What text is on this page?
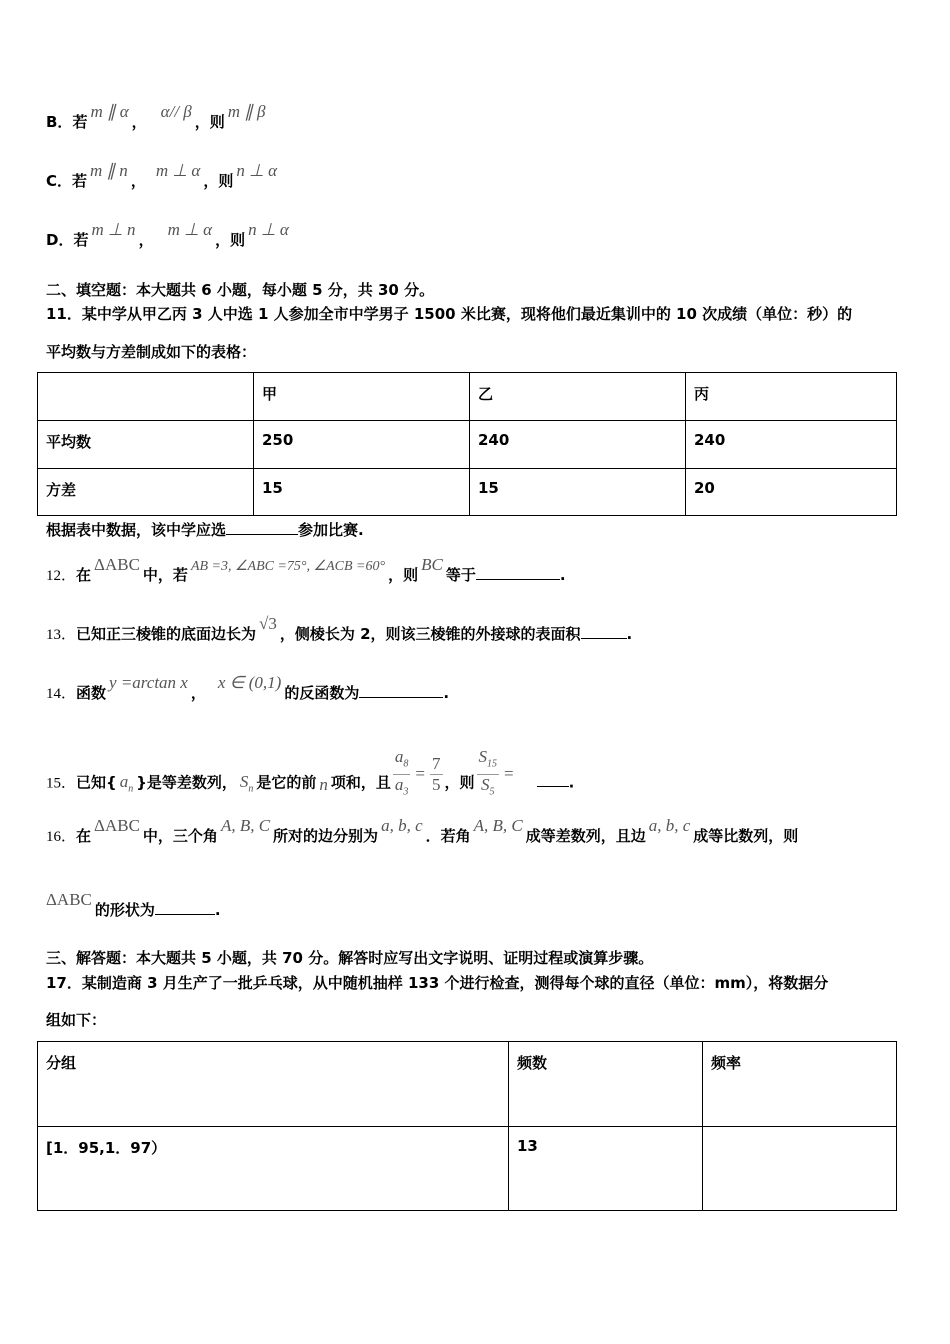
B．若m ∥ α，α// β，则m ∥ β
C．若m ∥ n，m ⊥ α，则n ⊥ α
D．若m ⊥ n，m ⊥ α，则n ⊥ α
二、填空题：本大题共 6 小题，每小题 5 分，共 30 分。
11．某中学从甲乙丙 3 人中选 1 人参加全市中学男子 1500 米比赛，现将他们最近集训中的 10 次成绩（单位：秒）的
平均数与方差制成如下的表格：
	甲	乙	丙
平均数	250	240	240
方差	15	15	20
根据表中数据，该中学应选	参加比赛.
12．在ΔABC中，若 AB =3, ∠ABC =75°, ∠ACB =60° ，则BC等于	.
13．已知正三棱锥的底面边长为√3，侧棱长为 2，则该三棱锥的外接球的表面积	.
14．函数y =arctan x，x ∈ (0,1)的反函数为	.
15．已知{ $a_n$ }是等差数列， $S_n$ 是它的前 n 项和，且 $\frac{a_8}{a_3} = \frac{7}{5}$ ，则 $\frac{S_{15}}{S_5}$ =	.
16．在ΔABC中，三个角A, B, C所对的边分别为a, b, c．若角A, B, C成等差数列，且边a, b, c成等比数列，则
ΔABC的形状为	.
三、解答题：本大题共 5 小题，共 70 分。解答时应写出文字说明、证明过程或演算步骤。
17．某制造商 3 月生产了一批乒乓球，从中随机抽样 133 个进行检查，测得每个球的直径（单位：mm），将数据分
组如下：
分组	频数	频率
[1．95,1．97）	13	
